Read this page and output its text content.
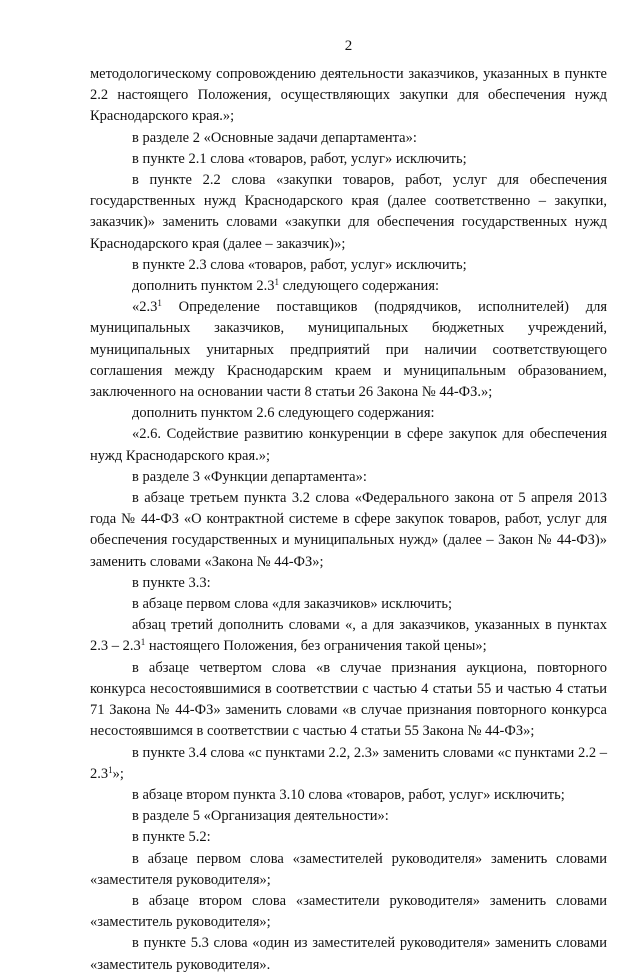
2

методологическому сопровождению деятельности заказчиков, указанных в пункте 2.2 настоящего Положения, осуществляющих закупки для обеспечения нужд Краснодарского края.»;

в разделе 2 «Основные задачи департамента»:

в пункте 2.1 слова «товаров, работ, услуг» исключить;

в пункте 2.2 слова «закупки товаров, работ, услуг для обеспечения государственных нужд Краснодарского края (далее соответственно – закупки, заказчик)» заменить словами «закупки для обеспечения государственных нужд Краснодарского края (далее – заказчик)»;

в пункте 2.3 слова «товаров, работ, услуг» исключить;

дополнить пунктом $2.3^1$ следующего содержания:

«$2.3^1$ Определение поставщиков (подрядчиков, исполнителей) для муниципальных заказчиков, муниципальных бюджетных учреждений, муниципальных унитарных предприятий при наличии соответствующего соглашения между Краснодарским краем и муниципальным образованием, заключенного на основании части 8 статьи 26 Закона № 44-ФЗ.»;

дополнить пунктом 2.6 следующего содержания:

«2.6. Содействие развитию конкуренции в сфере закупок для обеспечения нужд Краснодарского края.»;

в разделе 3 «Функции департамента»:

в абзаце третьем пункта 3.2 слова «Федерального закона от 5 апреля 2013 года № 44-ФЗ «О контрактной системе в сфере закупок товаров, работ, услуг для обеспечения государственных и муниципальных нужд» (далее – Закон № 44-ФЗ)» заменить словами «Закона № 44-ФЗ»;

в пункте 3.3:

в абзаце первом слова «для заказчиков» исключить;

абзац третий дополнить словами «, а для заказчиков, указанных в пунктах $2.3 - 2.3^1$ настоящего Положения, без ограничения такой цены»;

в абзаце четвертом слова «в случае признания аукциона, повторного конкурса несостоявшимися в соответствии с частью 4 статьи 55 и частью 4 статьи 71 Закона № 44-ФЗ» заменить словами «в случае признания повторного конкурса несостоявшимся в соответствии с частью 4 статьи 55 Закона № 44-ФЗ»;

в пункте 3.4 слова «с пунктами 2.2, 2.3» заменить словами «с пунктами $2.2 - 2.3^1$»;

в абзаце втором пункта 3.10 слова «товаров, работ, услуг» исключить;

в разделе 5 «Организация деятельности»:

в пункте 5.2:

в абзаце первом слова «заместителей руководителя» заменить словами «заместителя руководителя»;

в абзаце втором слова «заместители руководителя» заменить словами «заместитель руководителя»;

в пункте 5.3 слова «один из заместителей руководителя» заменить словами «заместитель руководителя».
